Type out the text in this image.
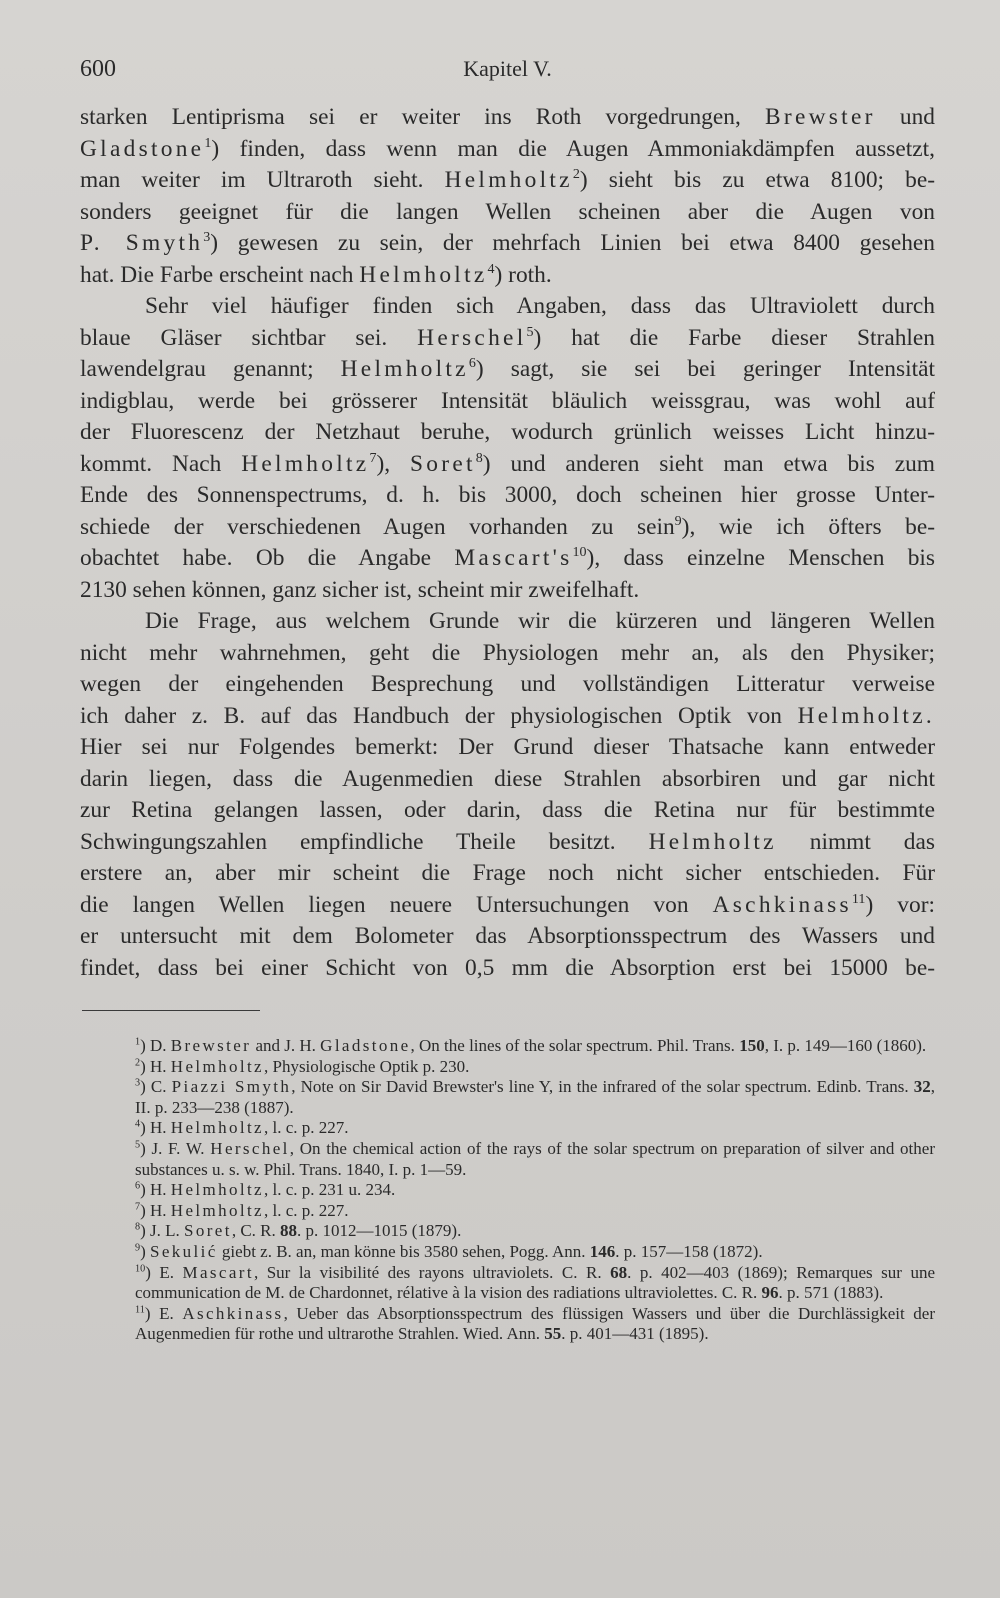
600	Kapitel V.
starken Lentiprisma sei er weiter ins Roth vorgedrungen, Brewster und
Gladstone$^1$) finden, dass wenn man die Augen Ammoniakdämpfen aussetzt,
man weiter im Ultraroth sieht. Helmholtz$^2$) sieht bis zu etwa 8100; be-
sonders geeignet für die langen Wellen scheinen aber die Augen von
P. Smyth$^3$) gewesen zu sein, der mehrfach Linien bei etwa 8400 gesehen
hat. Die Farbe erscheint nach Helmholtz$^4$) roth.
Sehr viel häufiger finden sich Angaben, dass das Ultraviolett durch
blaue Gläser sichtbar sei. Herschel$^5$) hat die Farbe dieser Strahlen
lawendelgrau genannt; Helmholtz$^6$) sagt, sie sei bei geringer Intensität
indigblau, werde bei grösserer Intensität bläulich weissgrau, was wohl auf
der Fluorescenz der Netzhaut beruhe, wodurch grünlich weisses Licht hinzu-
kommt. Nach Helmholtz$^7$), Soret$^8$) und anderen sieht man etwa bis zum
Ende des Sonnenspectrums, d. h. bis 3000, doch scheinen hier grosse Unter-
schiede der verschiedenen Augen vorhanden zu sein$^9$), wie ich öfters be-
obachtet habe. Ob die Angabe $Mascart's^{10}$), dass einzelne Menschen bis
2130 sehen können, ganz sicher ist, scheint mir zweifelhaft.
Die Frage, aus welchem Grunde wir die kürzeren und längeren Wellen
nicht mehr wahrnehmen, geht die Physiologen mehr an, als den Physiker;
wegen der eingehenden Besprechung und vollständigen Litteratur verweise
ich daher z. B. auf das Handbuch der physiologischen Optik von Helmholtz.
Hier sei nur Folgendes bemerkt: Der Grund dieser Thatsache kann entweder
darin liegen, dass die Augenmedien diese Strahlen absorbiren und gar nicht
zur Retina gelangen lassen, oder darin, dass die Retina nur für bestimmte
Schwingungszahlen empfindliche Theile besitzt. Helmholtz nimmt das
erstere an, aber mir scheint die Frage noch nicht sicher entschieden. Für
die langen Wellen liegen neuere Untersuchungen von Aschkinass$^{11}$) vor:
er untersucht mit dem Bolometer das Absorptionsspectrum des Wassers und
findet, dass bei einer Schicht von 0,5 mm die Absorption erst bei 15000 be-
$^1$) D. Brewster and J. H. Gladstone, On the lines of the solar spectrum. Phil. Trans. 150, I. p. 149—160 (1860).
$^2$) H. Helmholtz, Physiologische Optik p. 230.
$^3$) C. Piazzi Smyth, Note on Sir David Brewster's line Y, in the infrared of the solar spectrum. Edinb. Trans. 32, II. p. 233—238 (1887).
$^4$) H. Helmholtz, l. c. p. 227.
$^5$) J. F. W. Herschel, On the chemical action of the rays of the solar spectrum on preparation of silver and other substances u. s. w. Phil. Trans. 1840, I. p. 1—59.
$^6$) H. Helmholtz, l. c. p. 231 u. 234.
$^7$) H. Helmholtz, l. c. p. 227.
$^8$) J. L. Soret, C. R. 88. p. 1012—1015 (1879).
$^9$) Sekulić giebt z. B. an, man könne bis 3580 sehen, Pogg. Ann. 146. p. 157—158 (1872).
$^{10}$) E. Mascart, Sur la visibilité des rayons ultraviolets. C. R. 68. p. 402—403 (1869); Remarques sur une communication de M. de Chardonnet, rélative à la vision des radiations ultraviolettes. C. R. 96. p. 571 (1883).
$^{11}$) E. Aschkinass, Ueber das Absorptionsspectrum des flüssigen Wassers und über die Durchlässigkeit der Augenmedien für rothe und ultrarothe Strahlen. Wied. Ann. 55. p. 401—431 (1895).
